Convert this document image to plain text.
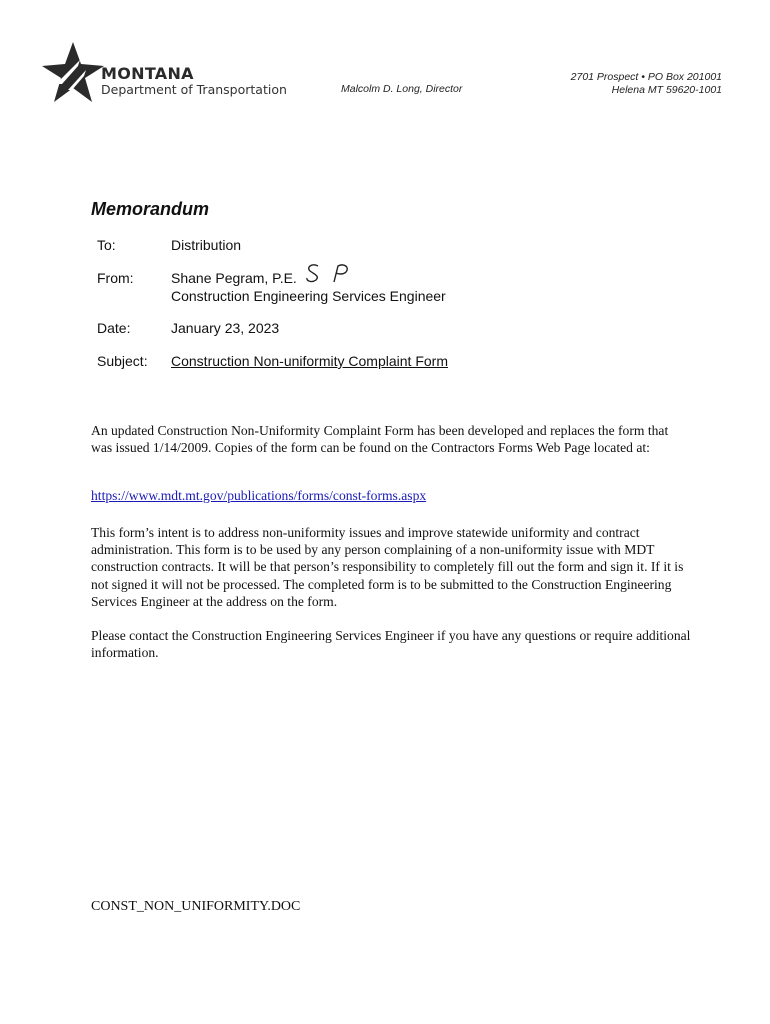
MONTANA
Department of Transportation	Malcolm D. Long, Director
2701 Prospect • PO Box 201001
Helena MT 59620-1001
Memorandum
To:	Distribution
From:	Shane Pegram, P.E.
Construction Engineering Services Engineer
Date:	January 23, 2023
Subject: Construction Non-uniformity Complaint Form
An updated Construction Non-Uniformity Complaint Form has been developed and replaces the form that was issued 1/14/2009. Copies of the form can be found on the Contractors Forms Web Page located at:
https://www.mdt.mt.gov/publications/forms/const-forms.aspx
This form’s intent is to address non-uniformity issues and improve statewide uniformity and contract administration. This form is to be used by any person complaining of a non-uniformity issue with MDT construction contracts. It will be that person’s responsibility to completely fill out the form and sign it. If it is not signed it will not be processed. The completed form is to be submitted to the Construction Engineering Services Engineer at the address on the form.
Please contact the Construction Engineering Services Engineer if you have any questions or require additional information.
CONST_NON_UNIFORMITY.DOC
